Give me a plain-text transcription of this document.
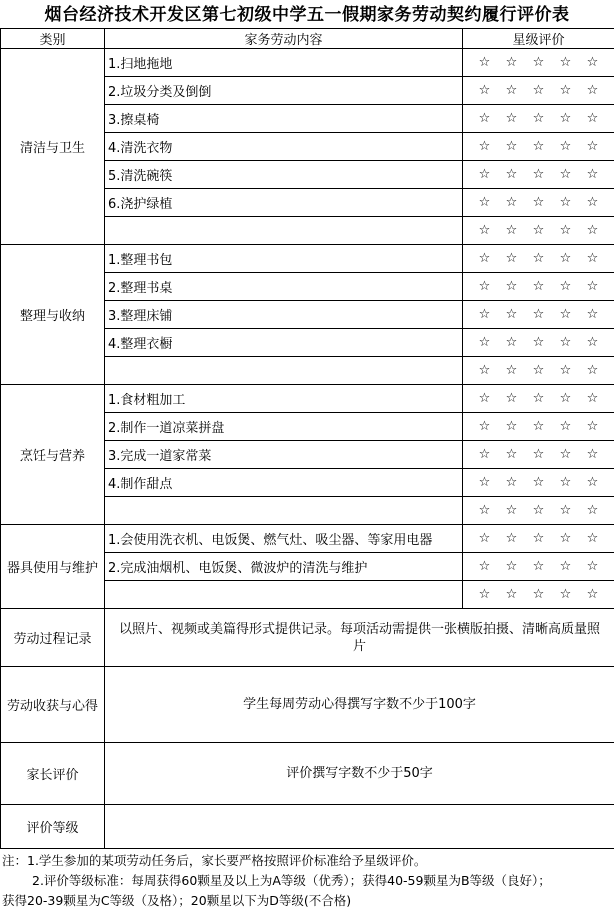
烟台经济技术开发区第七初级中学五一假期家务劳动契约履行评价表
类别	家务劳动内容	星级评价
清洁与卫生	1.扫地拖地	☆ ☆ ☆ ☆ ☆
	2.垃圾分类及倒倒	☆ ☆ ☆ ☆ ☆
	3.擦桌椅	☆ ☆ ☆ ☆ ☆
	4.清洗衣物	☆ ☆ ☆ ☆ ☆
	5.清洗碗筷	☆ ☆ ☆ ☆ ☆
	6.浇护绿植	☆ ☆ ☆ ☆ ☆
		☆ ☆ ☆ ☆ ☆
整理与收纳	1.整理书包	☆ ☆ ☆ ☆ ☆
	2.整理书桌	☆ ☆ ☆ ☆ ☆
	3.整理床铺	☆ ☆ ☆ ☆ ☆
	4.整理衣橱	☆ ☆ ☆ ☆ ☆
		☆ ☆ ☆ ☆ ☆
烹饪与营养	1.食材粗加工	☆ ☆ ☆ ☆ ☆
	2.制作一道凉菜拼盘	☆ ☆ ☆ ☆ ☆
	3.完成一道家常菜	☆ ☆ ☆ ☆ ☆
	4.制作甜点	☆ ☆ ☆ ☆ ☆
		☆ ☆ ☆ ☆ ☆
器具使用与维护	1.会使用洗衣机、电饭煲、燃气灶、吸尘器、等家用电器	☆ ☆ ☆ ☆ ☆
	2.完成油烟机、电饭煲、微波炉的清洗与维护	☆ ☆ ☆ ☆ ☆
		☆ ☆ ☆ ☆ ☆
劳动过程记录	以照片、视频或美篇得形式提供记录。每项活动需提供一张横版拍摄、清晰高质量照片	
劳动收获与心得	学生每周劳动心得撰写字数不少于100字	
家长评价	评价撰写字数不少于50字	
评价等级		
注：1.学生参加的某项劳动任务后，家长要严格按照评价标准给予星级评价。
2.评价等级标准：每周获得60颗星及以上为A等级（优秀）；获得40-59颗星为B等级（良好）；
获得20-39颗星为C等级（及格）；20颗星以下为D等级(不合格)
